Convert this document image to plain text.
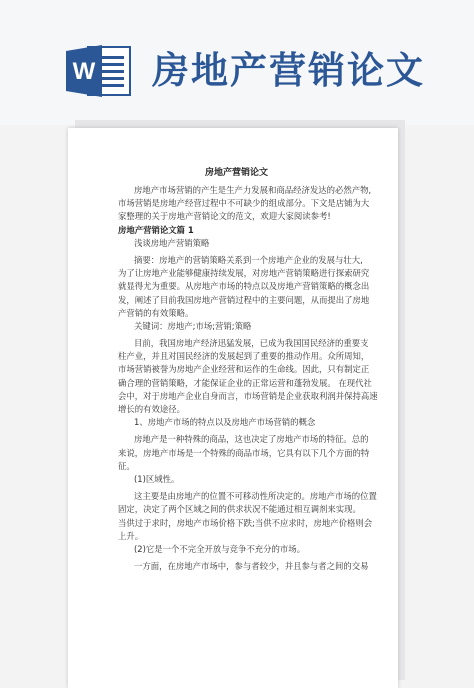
W 房地产营销论文
房地产营销论文
房地产市场营销的产生是生产力发展和商品经济发达的必然产物,
市场营销是房地产经营过程中不可缺少的组成部分。下文是店铺为大
家整理的关于房地产营销论文的范文，欢迎大家阅读参考!
房地产营销论文篇 1
浅谈房地产营销策略
摘要：房地产的营销策略关系到一个房地产企业的发展与壮大,
为了让房地产业能够健康持续发展，对房地产营销策略进行探索研究
就显得尤为重要。从房地产市场的特点以及房地产营销策略的概念出
发，阐述了目前我国房地产营销过程中的主要问题，从而提出了房地
产营销的有效策略。
关键词：房地产;市场;营销;策略
目前，我国房地产经济迅猛发展，已成为我国国民经济的重要支
柱产业，并且对国民经济的发展起到了重要的推动作用。众所周知，
市场营销被誉为房地产企业经营和运作的生命线。因此，只有制定正
确合理的营销策略，才能保证企业的正常运营和蓬勃发展。 在现代社
会中，对于房地产企业自身而言，市场营销是企业获取利润并保持高速
增长的有效途径。
1、房地产市场的特点以及房地产市场营销的概念
房地产是一种特殊的商品，这也决定了房地产市场的特征。总的
来说，房地产市场是一个特殊的商品市场，它具有以下几个方面的特
征。
(1)区域性。
这主要是由房地产的位置不可移动性所决定的。房地产市场的位置
固定，决定了两个区域之间的供求状况不能通过相互调剂来实现。
当供过于求时，房地产市场价格下跌;当供不应求时，房地产价格则会
上升。
(2)它是一个不完全开放与竞争不充分的市场。
一方面，在房地产市场中，参与者较少，并且参与者之间的交易
